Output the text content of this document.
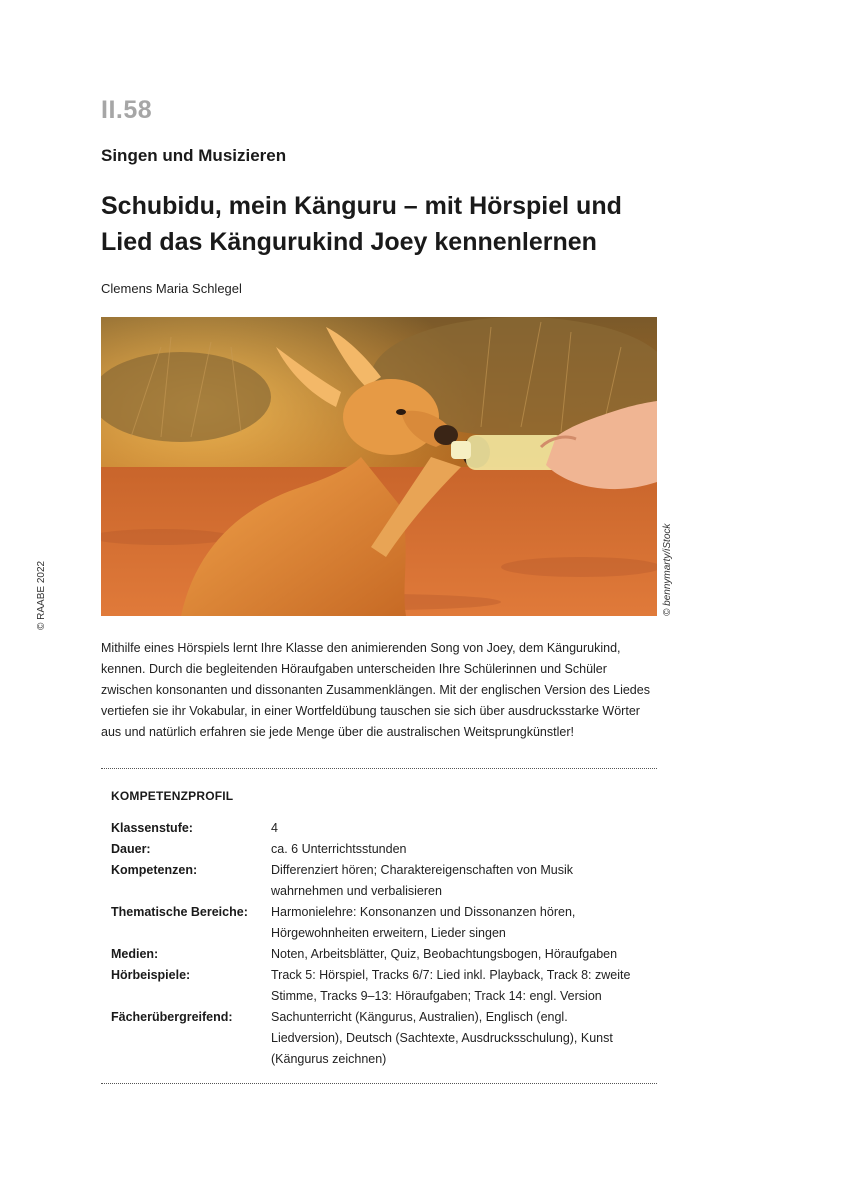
II.58
Singen und Musizieren
Schubidu, mein Känguru – mit Hörspiel und
Lied das Kängurukind Joey kennenlernen
Clemens Maria Schlegel
© bennymarty/iStock
© RAABE 2022
Mithilfe eines Hörspiels lernt Ihre Klasse den animierenden Song von Joey, dem Kängurukind, kennen. Durch die begleitenden Höraufgaben unterscheiden Ihre Schülerinnen und Schüler zwischen konsonanten und dissonanten Zusammenklängen. Mit der englischen Version des Liedes vertiefen sie ihr Vokabular, in einer Wortfeldübung tauschen sie sich über ausdrucksstarke Wörter aus und natürlich erfahren sie jede Menge über die australischen Weitsprungkünstler!
KOMPETENZPROFIL
Klassenstufe:	4
Dauer:	ca. 6 Unterrichtsstunden
Kompetenzen:	Differenziert hören; Charaktereigenschaften von Musik wahrnehmen und verbalisieren
Thematische Bereiche:	Harmonielehre: Konsonanzen und Dissonanzen hören, Hörgewohnheiten erweitern, Lieder singen
Medien:	Noten, Arbeitsblätter, Quiz, Beobachtungsbogen, Höraufgaben
Hörbeispiele:	Track 5: Hörspiel, Tracks 6/7: Lied inkl. Playback, Track 8: zweite Stimme, Tracks 9–13: Höraufgaben; Track 14: engl. Version
Fächerübergreifend:	Sachunterricht (Kängurus, Australien), Englisch (engl. Liedversion), Deutsch (Sachtexte, Ausdrucksschulung), Kunst (Kängurus zeichnen)
